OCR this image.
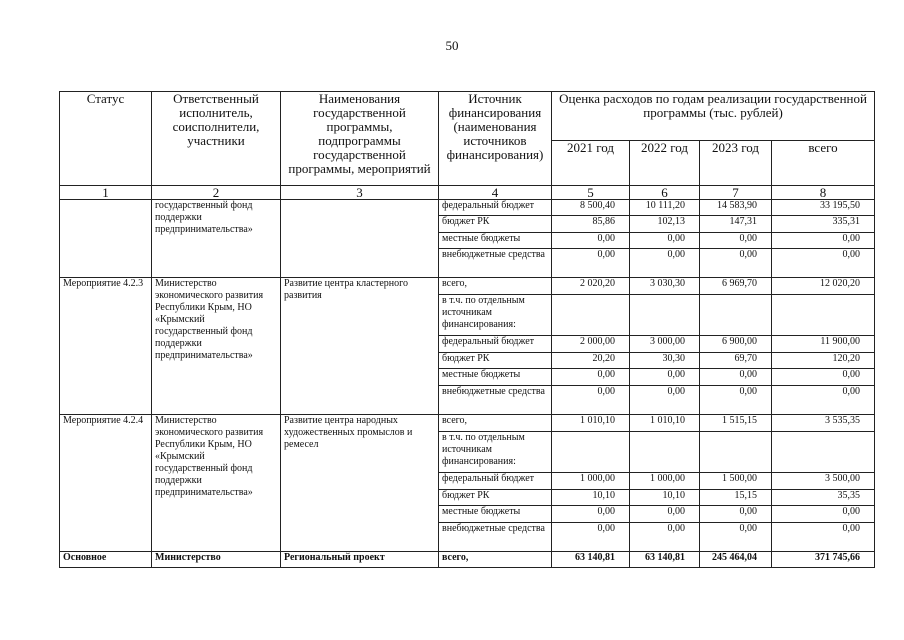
50
Статус	Ответственный исполнитель, соисполнители, участники	Наименования государственной программы, подпрограммы государственной программы, мероприятий	Источник финансирования (наименования источников финансирования)	Оценка расходов по годам реализации государственной программы (тыс. рублей)			
				2021 год	2022 год	2023 год	всего
1	2	3	4	5	6	7	8
	государственный фонд поддержки предпринимательства»		федеральный бюджет	8 500,40	10 111,20	14 583,90	33 195,50
			бюджет РК	85,86	102,13	147,31	335,31
			местные бюджеты	0,00	0,00	0,00	0,00
			внебюджетные средства	0,00	0,00	0,00	0,00
Мероприятие 4.2.3	Министерство экономического развития Республики Крым, НО «Крымский государственный фонд поддержки предпринимательства»	Развитие центра кластерного развития	всего,	2 020,20	3 030,30	6 969,70	12 020,20
			в т.ч. по отдельным источникам финансирования:				
			федеральный бюджет	2 000,00	3 000,00	6 900,00	11 900,00
			бюджет РК	20,20	30,30	69,70	120,20
			местные бюджеты	0,00	0,00	0,00	0,00
			внебюджетные средства	0,00	0,00	0,00	0,00
Мероприятие 4.2.4	Министерство экономического развития Республики Крым, НО «Крымский государственный фонд поддержки предпринимательства»	Развитие центра народных художественных промыслов и ремесел	всего,	1 010,10	1 010,10	1 515,15	3 535,35
			в т.ч. по отдельным источникам финансирования:				
			федеральный бюджет	1 000,00	1 000,00	1 500,00	3 500,00
			бюджет РК	10,10	10,10	15,15	35,35
			местные бюджеты	0,00	0,00	0,00	0,00
			внебюджетные средства	0,00	0,00	0,00	0,00
Основное	Министерство	Региональный проект	всего,	63 140,81	63 140,81	245 464,04	371 745,66
